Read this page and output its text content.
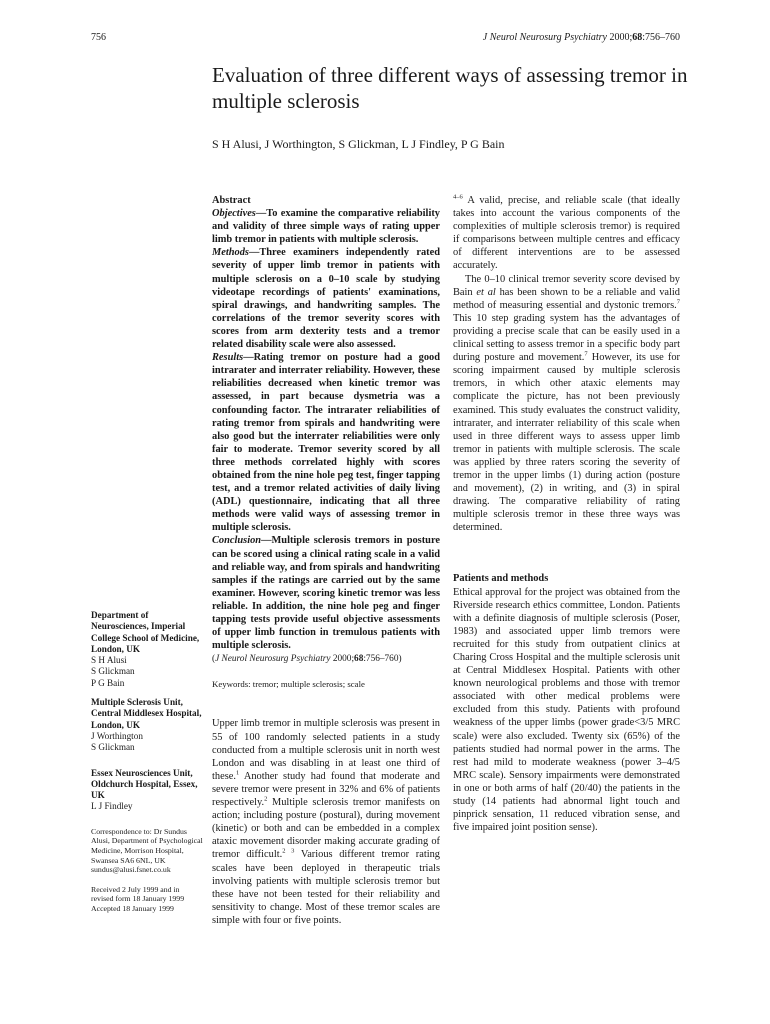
756	J Neurol Neurosurg Psychiatry 2000;68:756–760
Evaluation of three different ways of assessing tremor in multiple sclerosis
S H Alusi, J Worthington, S Glickman, L J Findley, P G Bain
Department of Neurosciences, Imperial College School of Medicine, London, UK
S H Alusi
S Glickman
P G Bain
Multiple Sclerosis Unit, Central Middlesex Hospital, London, UK
J Worthington
S Glickman
Essex Neurosciences Unit, Oldchurch Hospital, Essex, UK
L J Findley
Correspondence to: Dr Sundus Alusi, Department of Psychological Medicine, Morrison Hospital, Swansea SA6 6NL, UK
sundus@alusi.fsnet.co.uk
Received 2 July 1999 and in revised form 18 January 1999 Accepted 18 January 1999
Abstract
Objectives—To examine the comparative reliability and validity of three simple ways of rating upper limb tremor in patients with multiple sclerosis.
Methods—Three examiners independently rated severity of upper limb tremor in patients with multiple sclerosis on a 0–10 scale by studying videotape recordings of patients' examinations, spiral drawings, and handwriting samples. The correlations of the tremor severity scores with scores from arm dexterity tests and a tremor related disability scale were also assessed.
Results—Rating tremor on posture had a good intrarater and interrater reliability. However, these reliabilities decreased when kinetic tremor was assessed, in part because dysmetria was a confounding factor. The intrarater reliabilities of rating tremor from spirals and handwriting were also good but the interrater reliabilities were only fair to moderate. Tremor severity scored by all three methods correlated highly with scores obtained from the nine hole peg test, finger tapping test, and a tremor related activities of daily living (ADL) questionnaire, indicating that all three methods were valid ways of assessing tremor in multiple sclerosis.
Conclusion—Multiple sclerosis tremors in posture can be scored using a clinical rating scale in a valid and reliable way, and from spirals and handwriting samples if the ratings are carried out by the same examiner. However, scoring kinetic tremor was less reliable. In addition, the nine hole peg and finger tapping tests provide useful objective assessments of upper limb function in tremulous patients with multiple sclerosis.
(J Neurol Neurosurg Psychiatry 2000;68:756–760)
Keywords: tremor; multiple sclerosis; scale

Upper limb tremor in multiple sclerosis was present in 55 of 100 randomly selected patients in a study conducted from a multiple sclerosis unit in north west London and was disabling in at least one third of these.$^1$ Another study had found that moderate and severe tremor were present in 32% and 6% of patients respectively.$^2$ Multiple sclerosis tremor manifests on action; including posture (postural), during movement (kinetic) or both and can be embedded in a complex ataxic movement disorder making accurate grading of tremor difficult.$^{2 3}$ Various different tremor rating scales have been deployed in therapeutic trials involving patients with multiple sclerosis tremor but these have not been tested for their reliability and sensitivity to change. Most of these tremor scales are simple with four or five points.

$^{4-6}$ A valid, precise, and reliable scale (that ideally takes into account the various components of the complexities of multiple sclerosis tremor) is required if comparisons between multiple centres and efficacy of different interventions are to be assessed accurately.

The 0–10 clinical tremor severity score devised by Bain et al has been shown to be a reliable and valid method of measuring essential and dystonic tremors.$^7$ This 10 step grading system has the advantages of providing a precise scale that can be easily used in a clinical setting to assess tremor in a specific body part during posture and movement.$^7$ However, its use for scoring impairment caused by multiple sclerosis tremors, in which other ataxic elements may complicate the picture, has not been previously examined. This study evaluates the construct validity, intrarater, and interrater reliability of this scale when used in three different ways to assess upper limb tremor in patients with multiple sclerosis. The scale was applied by three raters scoring the severity of tremor in the upper limbs (1) during action (posture and movement), (2) in writing, and (3) in spiral drawing. The comparative reliability of rating multiple sclerosis tremor in these three ways was determined.

Patients and methods

Ethical approval for the project was obtained from the Riverside research ethics committee, London. Patients with a definite diagnosis of multiple sclerosis (Poser, 1983) and associated upper limb tremors were recruited for this study from outpatient clinics at Charing Cross Hospital and the multiple sclerosis unit at Central Middlesex Hospital. Patients with other known neurological problems and those with tremor associated with other medical problems were excluded from this study. Patients with profound weakness of the upper limbs (power grade<3/5 MRC scale) were also excluded. Twenty six (65%) of the patients studied had normal power in the arms. The rest had mild to moderate weakness (power 3–4/5 MRC scale). Sensory impairments were demonstrated in one or both arms of half (20/40) the patients in the study (14 patients had abnormal light touch and pinprick sensation, 11 reduced vibration sense, and five impaired joint position sense).
